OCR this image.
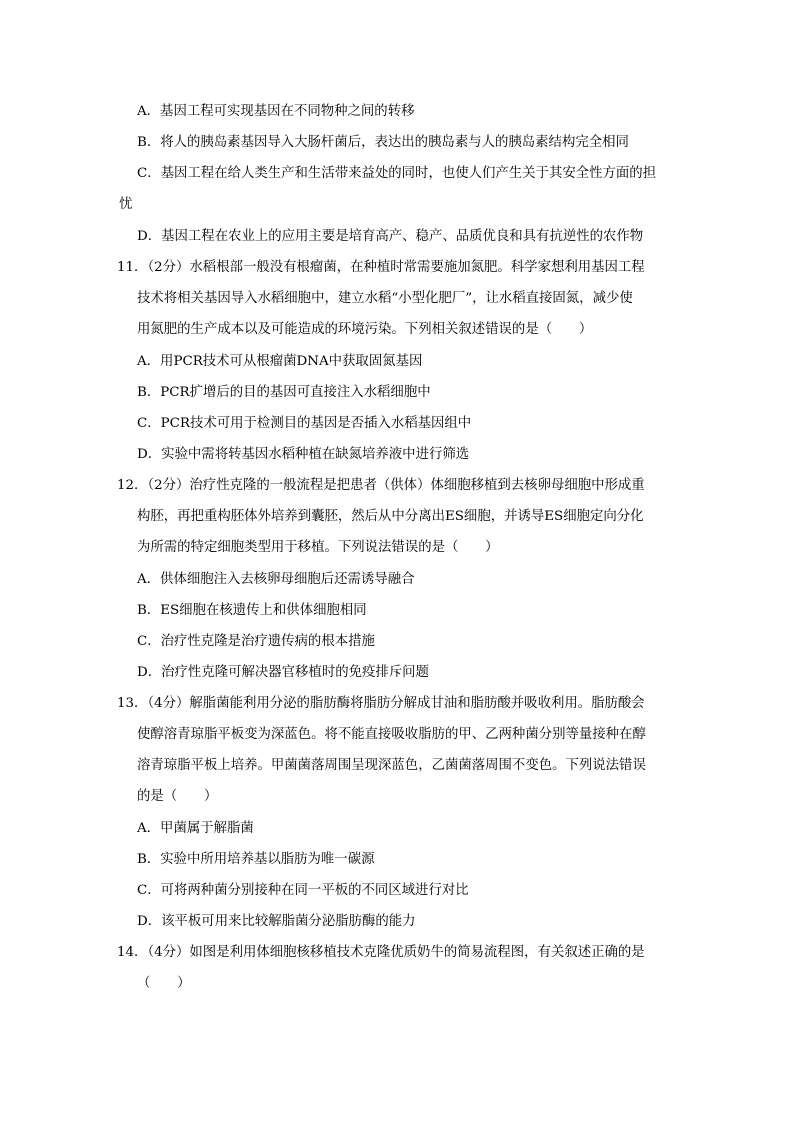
A．基因工程可实现基因在不同物种之间的转移
B．将人的胰岛素基因导入大肠杆菌后，表达出的胰岛素与人的胰岛素结构完全相同
C．基因工程在给人类生产和生活带来益处的同时，也使人们产生关于其安全性方面的担
忧
D．基因工程在农业上的应用主要是培育高产、稳产、品质优良和具有抗逆性的农作物
11．（2分）水稻根部一般没有根瘤菌，在种植时常需要施加氮肥。科学家想利用基因工程
技术将相关基因导入水稻细胞中，建立水稻“小型化肥厂”，让水稻直接固氮，减少使
用氮肥的生产成本以及可能造成的环境污染。下列相关叙述错误的是（　　）
A．用PCR技术可从根瘤菌DNA中获取固氮基因
B．PCR扩增后的目的基因可直接注入水稻细胞中
C．PCR技术可用于检测目的基因是否插入水稻基因组中
D．实验中需将转基因水稻种植在缺氮培养液中进行筛选
12．（2分）治疗性克隆的一般流程是把患者（供体）体细胞移植到去核卵母细胞中形成重
构胚，再把重构胚体外培养到囊胚，然后从中分离出ES细胞，并诱导ES细胞定向分化
为所需的特定细胞类型用于移植。下列说法错误的是（　　）
A．供体细胞注入去核卵母细胞后还需诱导融合
B．ES细胞在核遗传上和供体细胞相同
C．治疗性克隆是治疗遗传病的根本措施
D．治疗性克隆可解决器官移植时的免疫排斥问题
13．（4分）解脂菌能利用分泌的脂肪酶将脂肪分解成甘油和脂肪酸并吸收利用。脂肪酸会
使醇溶青琼脂平板变为深蓝色。将不能直接吸收脂肪的甲、乙两种菌分别等量接种在醇
溶青琼脂平板上培养。甲菌菌落周围呈现深蓝色，乙菌菌落周围不变色。下列说法错误
的是（　　）
A．甲菌属于解脂菌
B．实验中所用培养基以脂肪为唯一碳源
C．可将两种菌分别接种在同一平板的不同区域进行对比
D．该平板可用来比较解脂菌分泌脂肪酶的能力
14．（4分）如图是利用体细胞核移植技术克隆优质奶牛的简易流程图，有关叙述正确的是
（　　）
